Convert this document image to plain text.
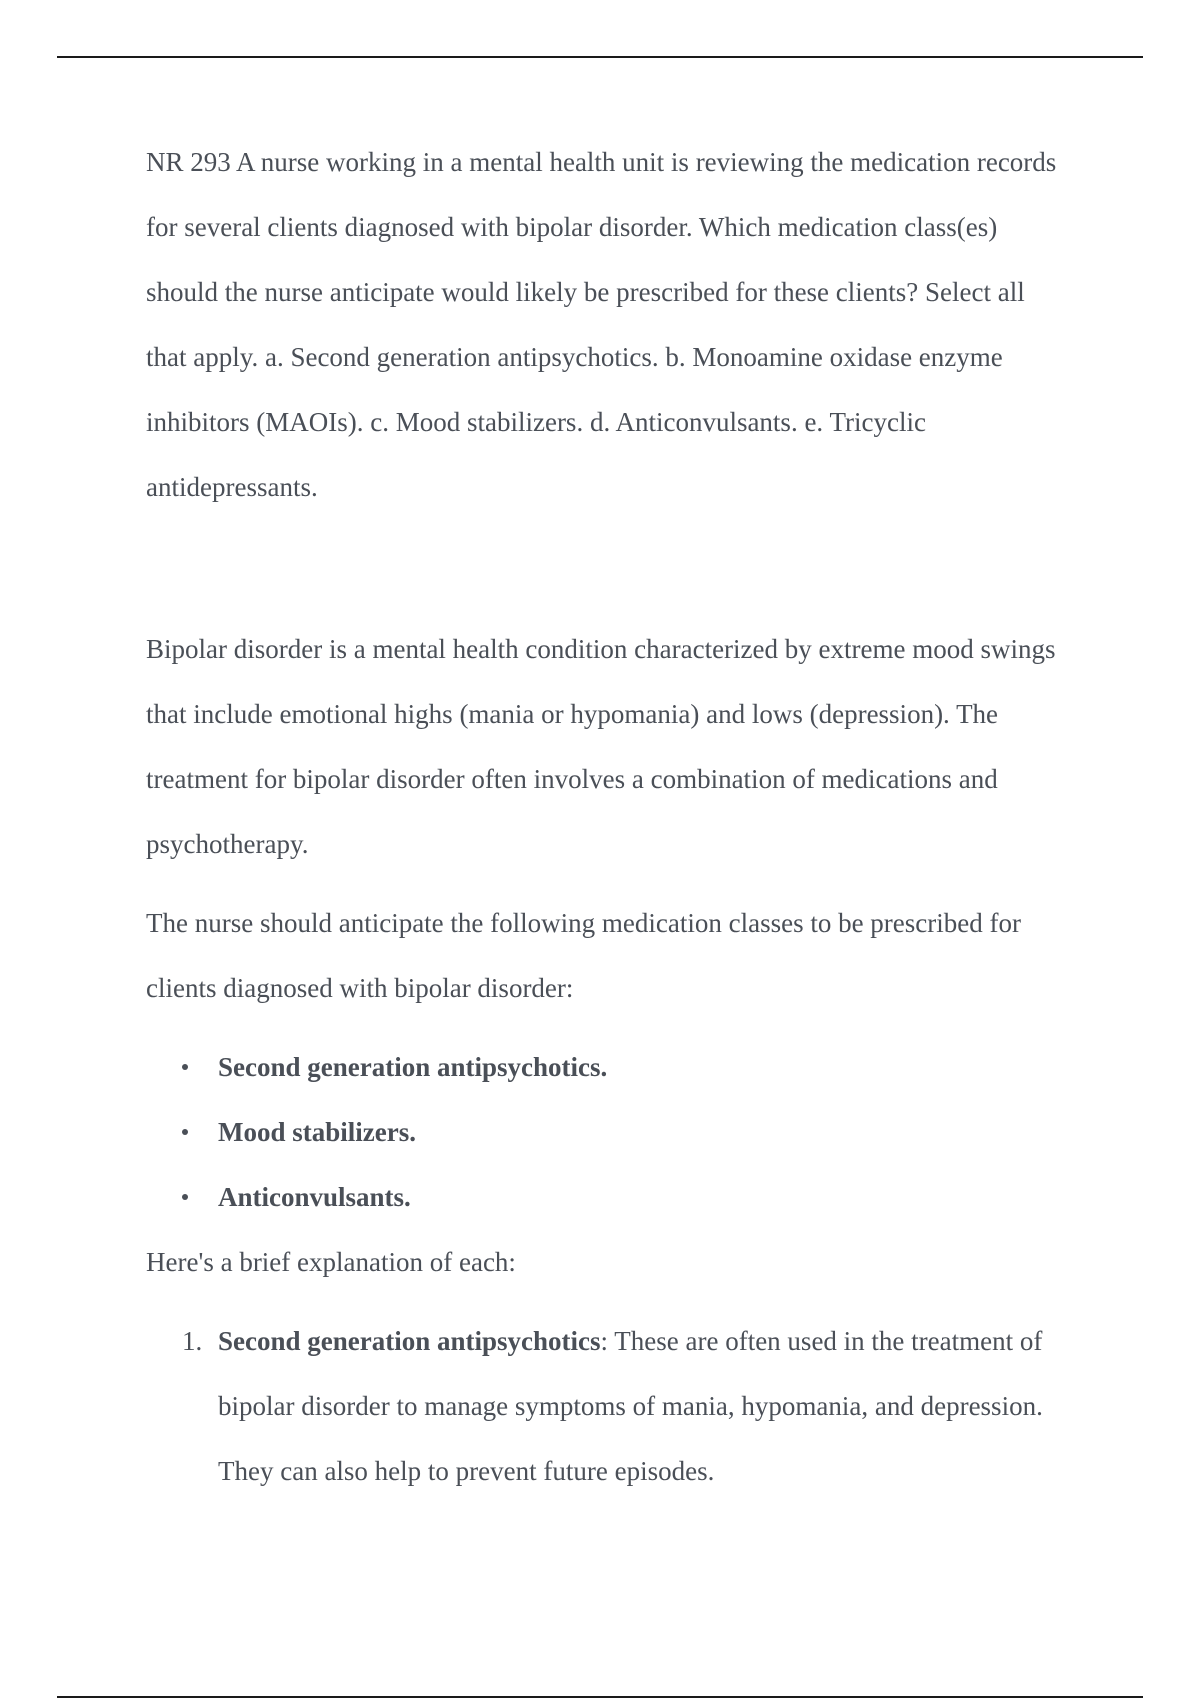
NR 293 A nurse working in a mental health unit is reviewing the medication records for several clients diagnosed with bipolar disorder. Which medication class(es) should the nurse anticipate would likely be prescribed for these clients? Select all that apply. a. Second generation antipsychotics. b. Monoamine oxidase enzyme inhibitors (MAOIs). c. Mood stabilizers. d. Anticonvulsants. e. Tricyclic antidepressants.

Bipolar disorder is a mental health condition characterized by extreme mood swings that include emotional highs (mania or hypomania) and lows (depression). The treatment for bipolar disorder often involves a combination of medications and psychotherapy.

The nurse should anticipate the following medication classes to be prescribed for clients diagnosed with bipolar disorder:

Second generation antipsychotics.
Mood stabilizers.
Anticonvulsants.

Here's a brief explanation of each:

1. Second generation antipsychotics: These are often used in the treatment of bipolar disorder to manage symptoms of mania, hypomania, and depression. They can also help to prevent future episodes.
